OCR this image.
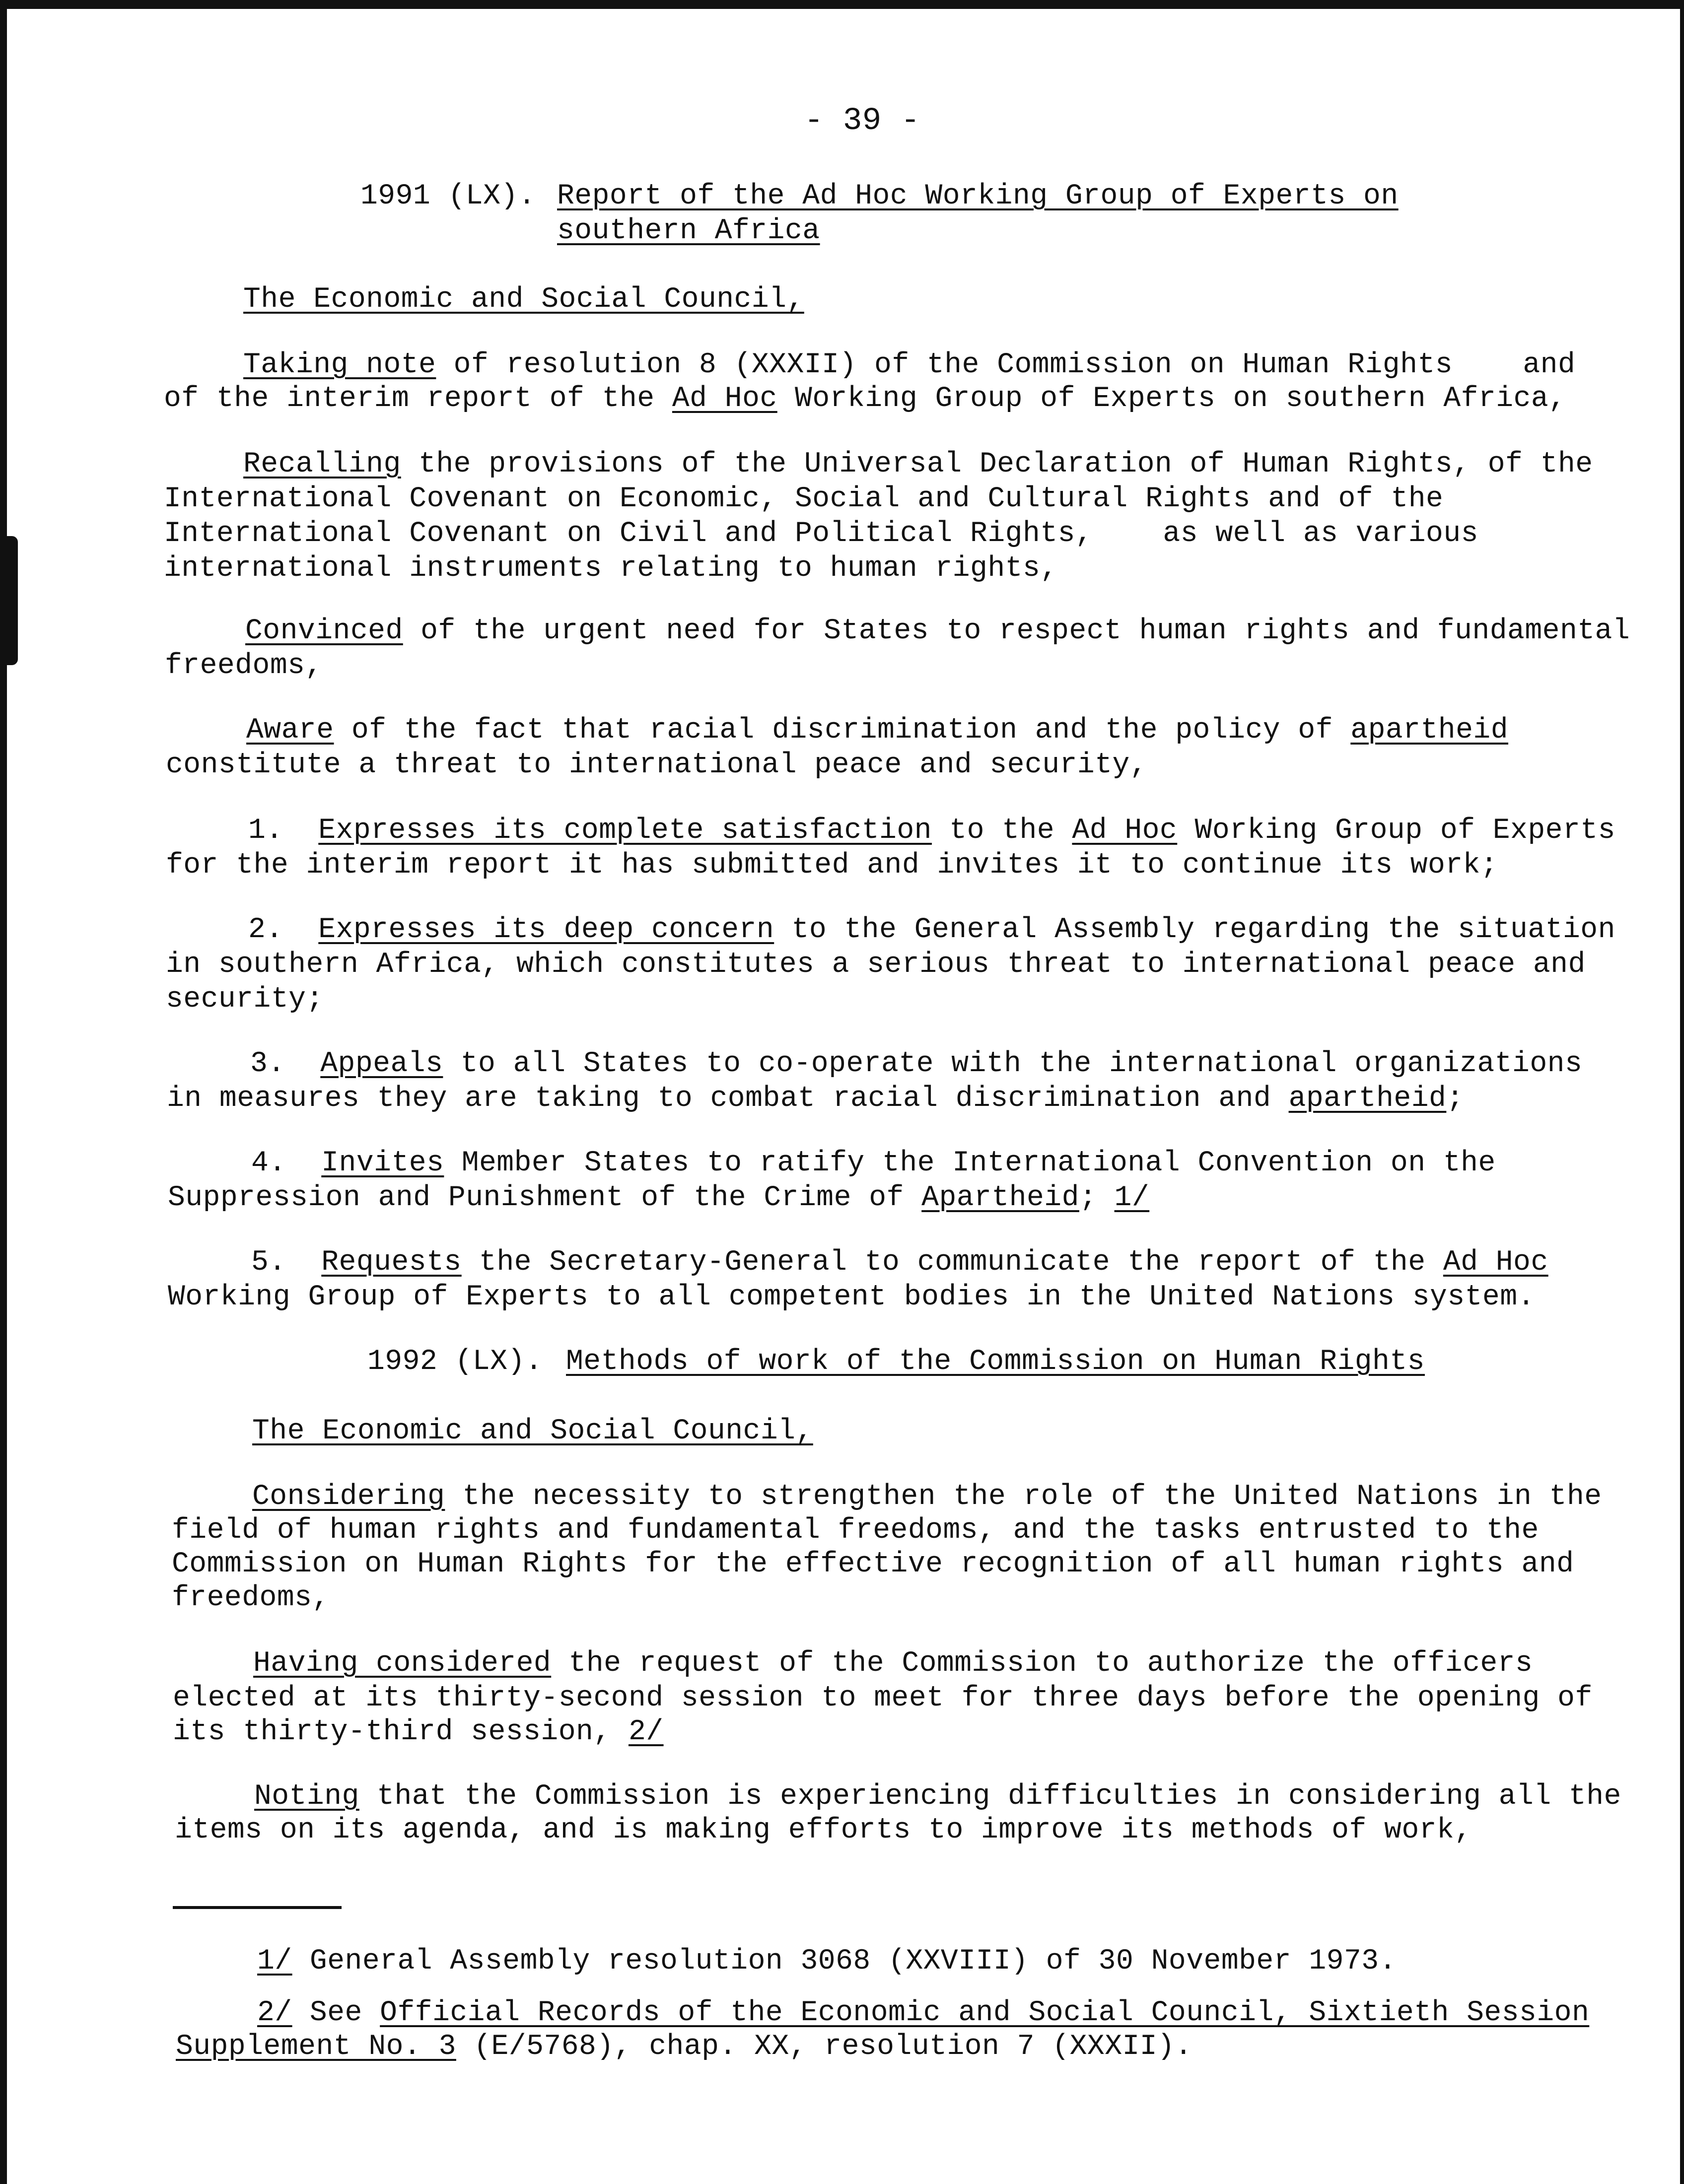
- 39 -
1991 (LX). Report of the Ad Hoc Working Group of Experts on
southern Africa
The Economic and Social Council,
Taking note of resolution 8 (XXXII) of the Commission on Human Rights    and
of the interim report of the Ad Hoc Working Group of Experts on southern Africa,
Recalling the provisions of the Universal Declaration of Human Rights, of the
International Covenant on Economic, Social and Cultural Rights and of the
International Covenant on Civil and Political Rights,    as well as various
international instruments relating to human rights,
Convinced of the urgent need for States to respect human rights and fundamental
freedoms,
Aware of the fact that racial discrimination and the policy of apartheid
constitute a threat to international peace and security,
1. Expresses its complete satisfaction to the Ad Hoc Working Group of Experts
for the interim report it has submitted and invites it to continue its work;
2. Expresses its deep concern to the General Assembly regarding the situation
in southern Africa, which constitutes a serious threat to international peace and
security;
3. Appeals to all States to co-operate with the international organizations
in measures they are taking to combat racial discrimination and apartheid;
4. Invites Member States to ratify the International Convention on the
Suppression and Punishment of the Crime of Apartheid; 1/
5. Requests the Secretary-General to communicate the report of the Ad Hoc
Working Group of Experts to all competent bodies in the United Nations system.
1992 (LX). Methods of work of the Commission on Human Rights
The Economic and Social Council,
Considering the necessity to strengthen the role of the United Nations in the
field of human rights and fundamental freedoms, and the tasks entrusted to the
Commission on Human Rights for the effective recognition of all human rights and
freedoms,
Having considered the request of the Commission to authorize the officers
elected at its thirty-second session to meet for three days before the opening of
its thirty-third session, 2/
Noting that the Commission is experiencing difficulties in considering all the
items on its agenda, and is making efforts to improve its methods of work,
1/ General Assembly resolution 3068 (XXVIII) of 30 November 1973.
2/ See Official Records of the Economic and Social Council, Sixtieth Session
Supplement No. 3 (E/5768), chap. XX, resolution 7 (XXXII).
